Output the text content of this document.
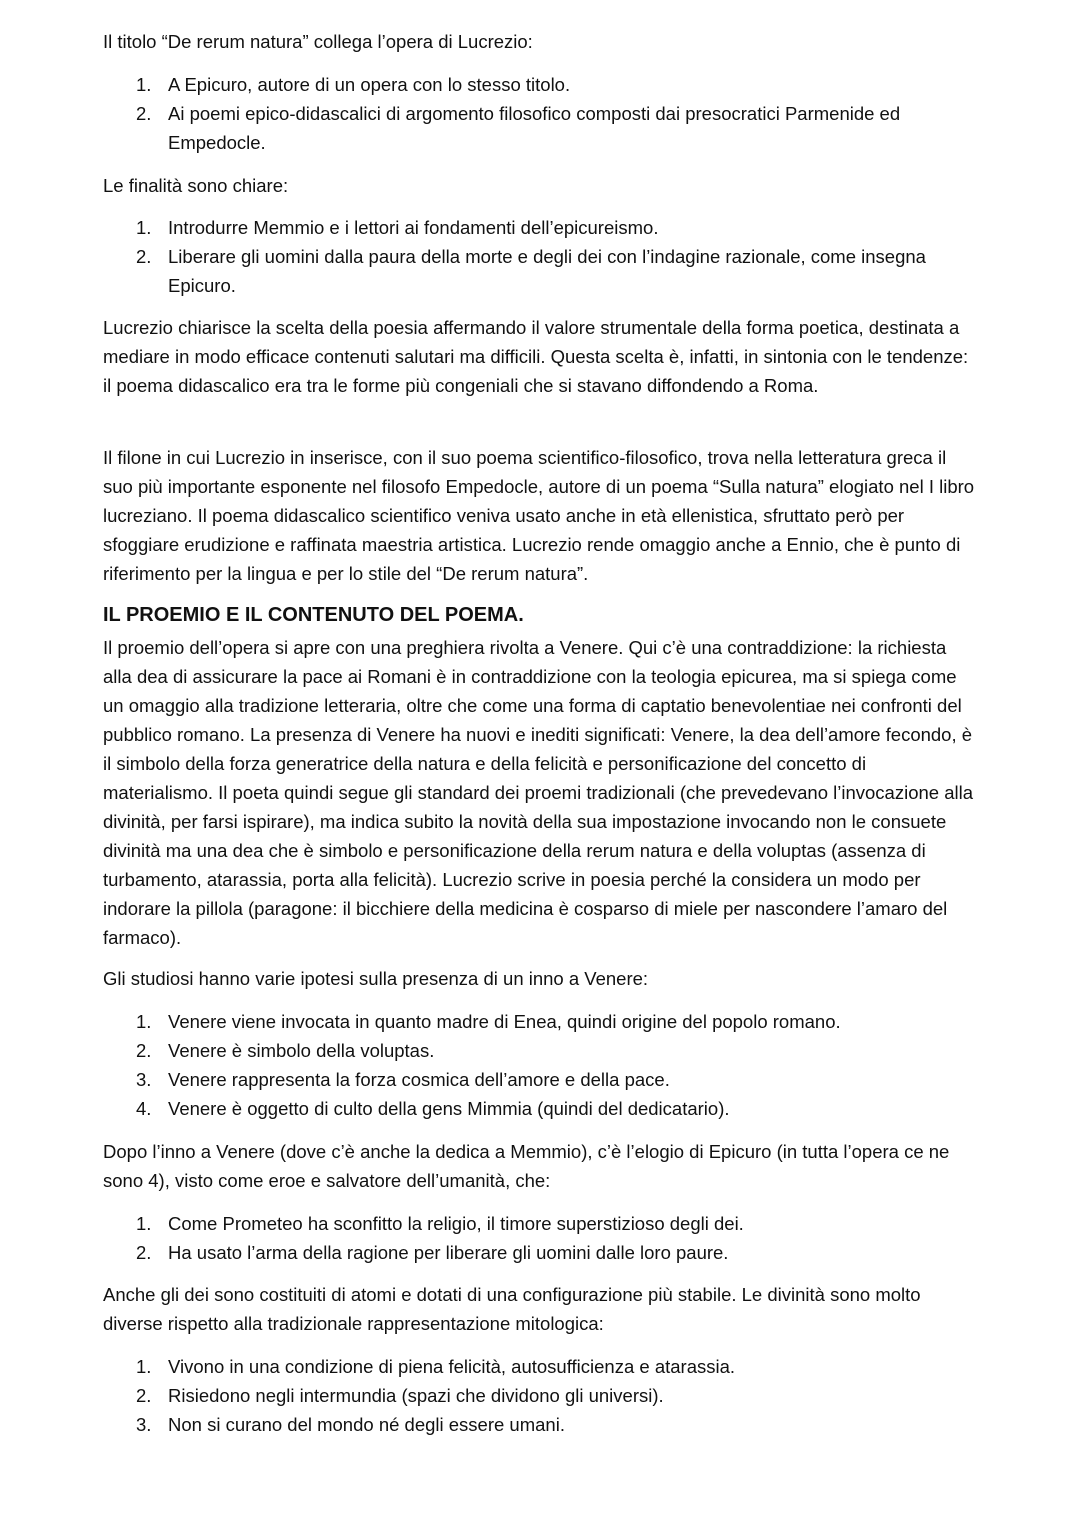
Il titolo “De rerum natura” collega l’opera di Lucrezio:

1. A Epicuro, autore di un opera con lo stesso titolo.
2. Ai poemi epico-didascalici di argomento filosofico composti dai presocratici Parmenide ed Empedocle.

Le finalità sono chiare:

1. Introdurre Memmio e i lettori ai fondamenti dell’epicureismo.
2. Liberare gli uomini dalla paura della morte e degli dei con l’indagine razionale, come insegna Epicuro.

Lucrezio chiarisce la scelta della poesia affermando il valore strumentale della forma poetica, destinata a mediare in modo efficace contenuti salutari ma difficili. Questa scelta è, infatti, in sintonia con le tendenze: il poema didascalico era tra le forme più congeniali che si stavano diffondendo a Roma.

Il filone in cui Lucrezio in inserisce, con il suo poema scientifico-filosofico, trova nella letteratura greca il suo più importante esponente nel filosofo Empedocle, autore di un poema “Sulla natura” elogiato nel I libro lucreziano. Il poema didascalico scientifico veniva usato anche in età ellenistica, sfruttato però per sfoggiare erudizione e raffinata maestria artistica. Lucrezio rende omaggio anche a Ennio, che è punto di riferimento per la lingua e per lo stile del “De rerum natura”.

IL PROEMIO E IL CONTENUTO DEL POEMA.

Il proemio dell’opera si apre con una preghiera rivolta a Venere. Qui c’è una contraddizione: la richiesta alla dea di assicurare la pace ai Romani è in contraddizione con la teologia epicurea, ma si spiega come un omaggio alla tradizione letteraria, oltre che come una forma di captatio benevolentiae nei confronti del pubblico romano. La presenza di Venere ha nuovi e inediti significati: Venere, la dea dell’amore fecondo, è il simbolo della forza generatrice della natura e della felicità e personificazione del concetto di materialismo. Il poeta quindi segue gli standard dei proemi tradizionali (che prevedevano l’invocazione alla divinità, per farsi ispirare), ma indica subito la novità della sua impostazione invocando non le consuete divinità ma una dea che è simbolo e personificazione della rerum natura e della voluptas (assenza di turbamento, atarassia, porta alla felicità). Lucrezio scrive in poesia perché la considera un modo per indorare la pillola (paragone: il bicchiere della medicina è cosparso di miele per nascondere l’amaro del farmaco).

Gli studiosi hanno varie ipotesi sulla presenza di un inno a Venere:

1. Venere viene invocata in quanto madre di Enea, quindi origine del popolo romano.
2. Venere è simbolo della voluptas.
3. Venere rappresenta la forza cosmica dell’amore e della pace.
4. Venere è oggetto di culto della gens Mimmia (quindi del dedicatario).

Dopo l’inno a Venere (dove c’è anche la dedica a Memmio), c’è l’elogio di Epicuro (in tutta l’opera ce ne sono 4), visto come eroe e salvatore dell’umanità, che:

1. Come Prometeo ha sconfitto la religio, il timore superstizioso degli dei.
2. Ha usato l’arma della ragione per liberare gli uomini dalle loro paure.

Anche gli dei sono costituiti di atomi e dotati di una configurazione più stabile. Le divinità sono molto diverse rispetto alla tradizionale rappresentazione mitologica:

1. Vivono in una condizione di piena felicità, autosufficienza e atarassia.
2. Risiedono negli intermundia (spazi che dividono gli universi).
3. Non si curano del mondo né degli essere umani.
